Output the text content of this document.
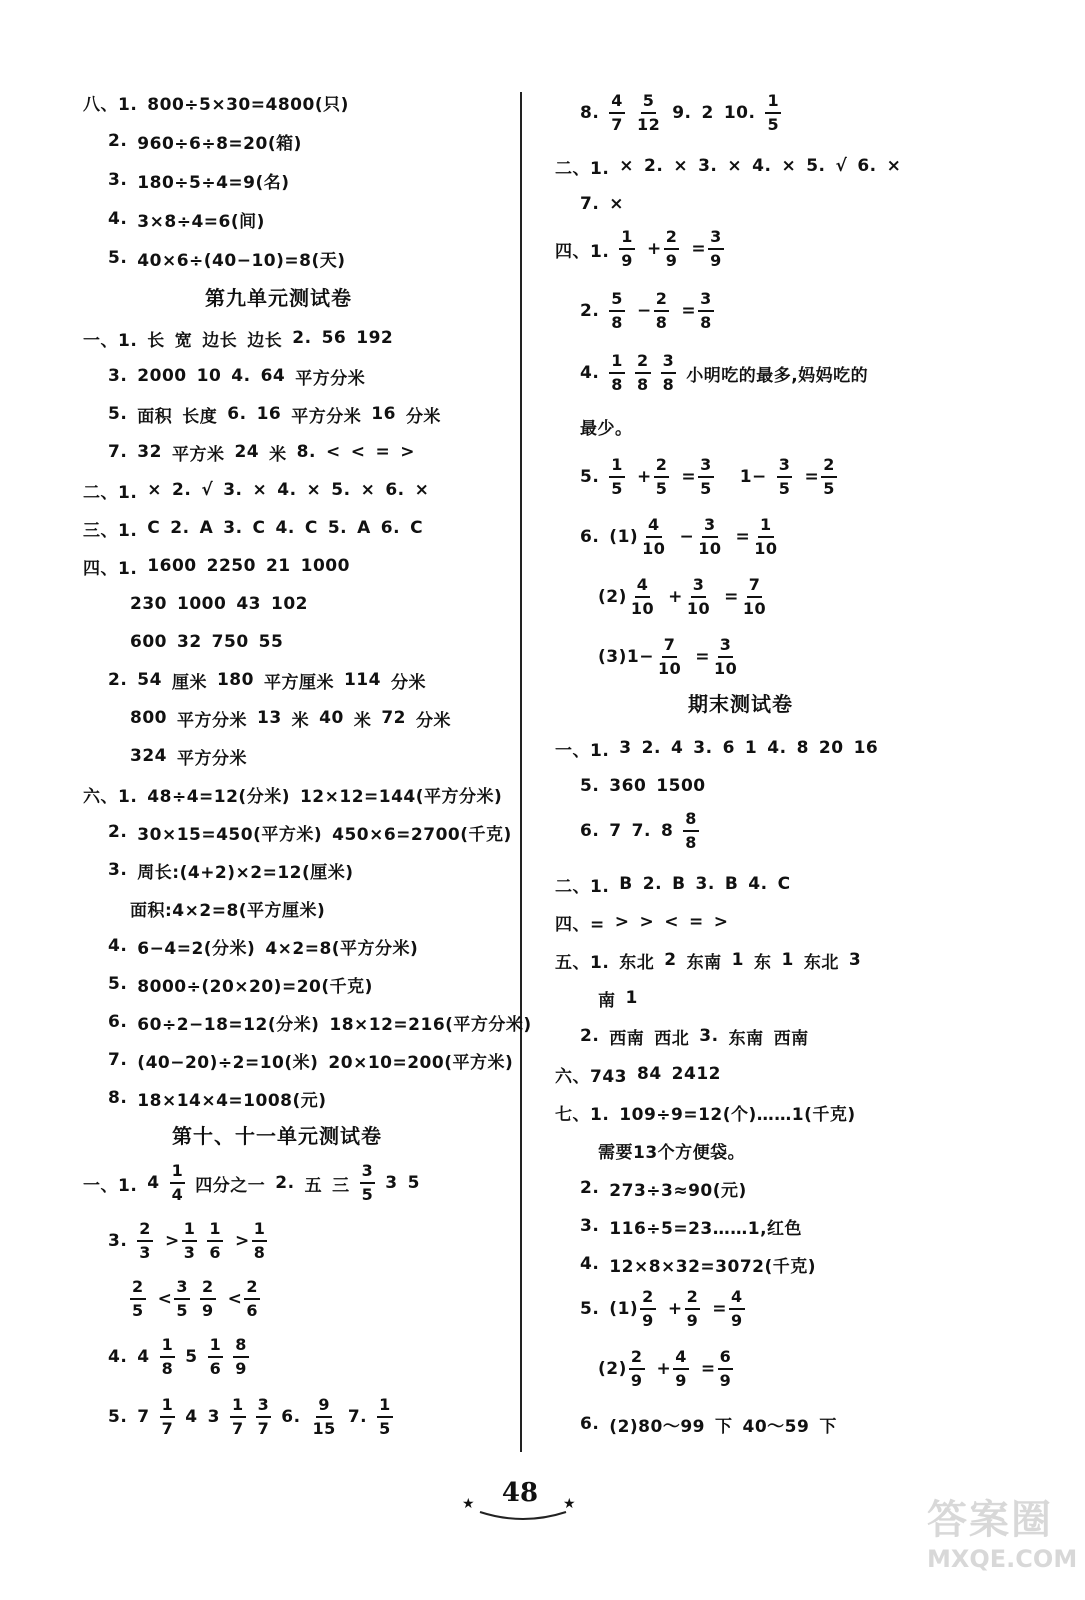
八、1. 800÷5×30=4800(只)
2. 960÷6÷8=20(箱)
3. 180÷5÷4=9(名)
4. 3×8÷4=6(间)
5. 40×6÷(40−10)=8(天)
第九单元测试卷
一、1. 长 宽 边长 边长 2. 56 192
3. 2000 10 4. 64 平方分米
5. 面积 长度 6. 16 平方分米 16 分米
7. 32 平方米 24 米 8. < < = >
二、1. × 2. √ 3. × 4. × 5. × 6. ×
三、1. C 2. A 3. C 4. C 5. A 6. C
四、1. 1600 2250 21 1000
230 1000 43 102
600 32 750 55
2. 54 厘米 180 平方厘米 114 分米
800 平方分米 13 米 40 米 72 分米
324 平方分米
六、1. 48÷4=12(分米) 12×12=144(平方分米)
2. 30×15=450(平方米) 450×6=2700(千克)
3. 周长:(4+2)×2=12(厘米)
面积:4×2=8(平方厘米)
4. 6−4=2(分米) 4×2=8(平方分米)
5. 8000÷(20×20)=20(千克)
6. 60÷2−18=12(分米) 18×12=216(平方分米)
7. (40−20)÷2=10(米) 20×10=200(平方米)
8. 18×14×4=1008(元)
第十、十一单元测试卷
一、1. $4 \frac{1}{4}$ 四分之一 2. 五 三 $\frac{3}{5} 3$ 5
3. $\frac{2}{3} > \frac{1}{3} \frac{1}{6} > \frac{1}{8}$
$\frac{2}{5} < \frac{3}{5} \frac{2}{9} < \frac{2}{6}$
4. $4 \frac{1}{8} 5 \frac{1}{6} \frac{8}{9}$
5. $7 \frac{1}{7} 4$ $3 \frac{1}{7} \frac{3}{7} 6$. $\frac{9}{15} 7$. $\frac{1}{5}$
8. $\frac{4}{7} \frac{5}{12} 9$. 2 10. $\frac{1}{5}$
二、1. × 2. × 3. × 4. × 5. √ 6. ×
7. ×
四、1. $\frac{1}{9} + \frac{2}{9} = \frac{3}{9}$
2. $\frac{5}{8} - \frac{2}{8} = \frac{3}{8}$
4. $\frac{1}{8} \frac{2}{8} \frac{3}{8}$ 小明吃的最多,妈妈吃的
最少。
5. $\frac{1}{5} + \frac{2}{5} = \frac{3}{5} 1- \frac{3}{5} = \frac{2}{5}$
6. $(1) \frac{4}{10} - \frac{3}{10} = \frac{1}{10}$
$(2) \frac{4}{10} + \frac{3}{10} = \frac{7}{10}$
$(3)1- \frac{7}{10} = \frac{3}{10}$
期末测试卷
一、1. 3 2. 4 3. 6 1 4. 8 20 16
5. 360 1500
6. 7 7. $8 \frac{8}{8}$
二、1. B 2. B 3. B 4. C
四、= > > < = >
五、1. 东北 2 东南 1 东 1 东北 3
南 1
2. 西南 西北 3. 东南 西南
六、743 84 2412
七、1. 109÷9=12(个)……1(千克)
需要13个方便袋。
2. 273÷3≈90(元)
3. 116÷5=23……1,红色
4. 12×8×32=3072(千克)
5. $(1) \frac{2}{9} + \frac{2}{9} = \frac{4}{9}$
$(2) \frac{2}{9} + \frac{4}{9} = \frac{6}{9}$
6. (2)80～99 下 40～59 下
★	48	★	答案圈
MXQE.COM
